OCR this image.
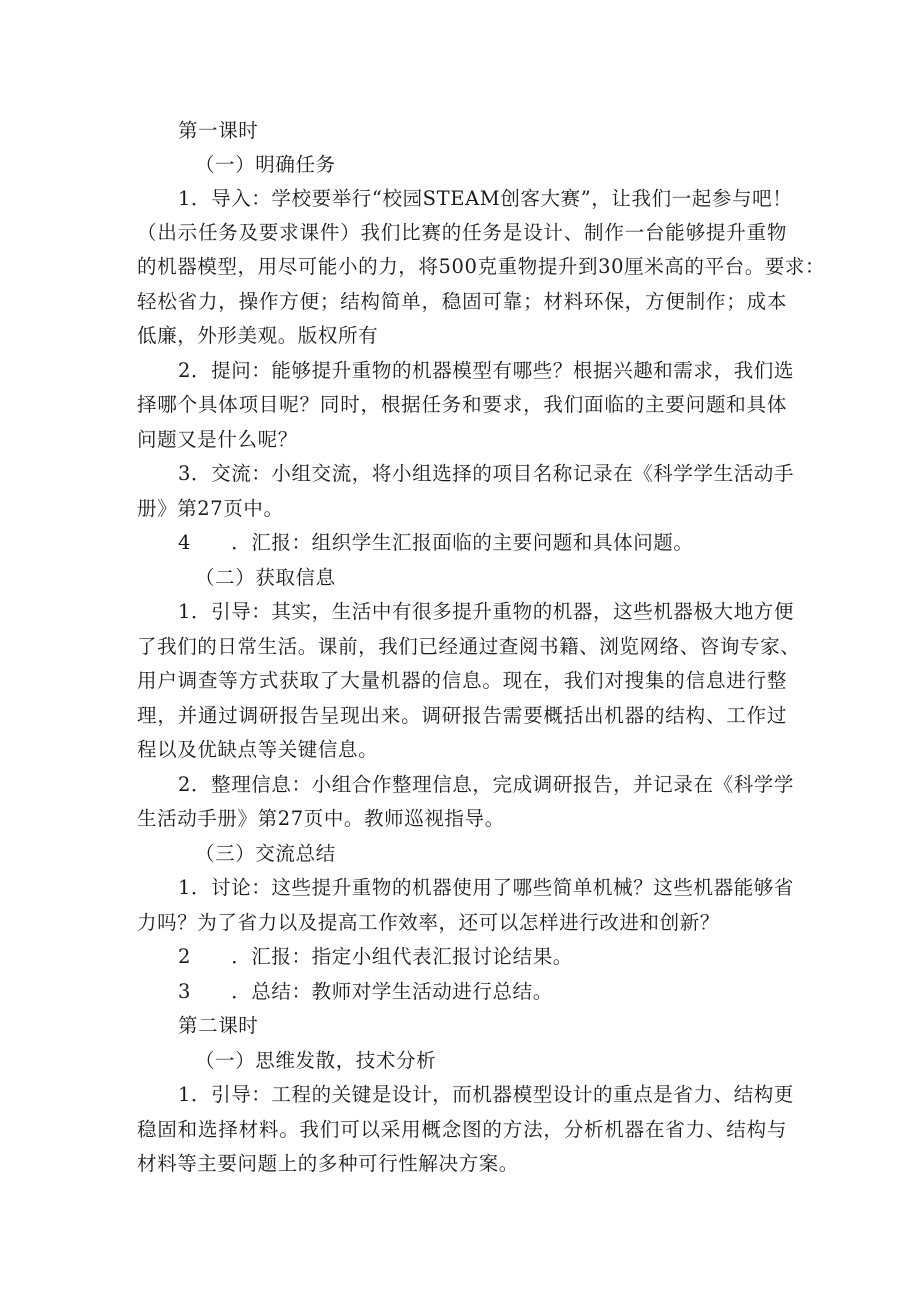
第一课时
（一）明确任务
1．导入：学校要举行“校园STEAM创客大赛”，让我们一起参与吧！
（出示任务及要求课件）我们比赛的任务是设计、制作一台能够提升重物
的机器模型，用尽可能小的力，将500克重物提升到30厘米高的平台。要求：
轻松省力，操作方便；结构简单，稳固可靠；材料环保，方便制作；成本
低廉，外形美观。版权所有
2．提问：能够提升重物的机器模型有哪些？根据兴趣和需求，我们选
择哪个具体项目呢？同时，根据任务和要求，我们面临的主要问题和具体
问题又是什么呢？
3．交流：小组交流，将小组选择的项目名称记录在《科学学生活动手
册》第27页中。
4　　．汇报：组织学生汇报面临的主要问题和具体问题。
（二）获取信息
1．引导：其实，生活中有很多提升重物的机器，这些机器极大地方便
了我们的日常生活。课前，我们已经通过查阅书籍、浏览网络、咨询专家、
用户调查等方式获取了大量机器的信息。现在，我们对搜集的信息进行整
理，并通过调研报告呈现出来。调研报告需要概括出机器的结构、工作过
程以及优缺点等关键信息。
2．整理信息：小组合作整理信息，完成调研报告，并记录在《科学学
生活动手册》第27页中。教师巡视指导。
（三）交流总结
1．讨论：这些提升重物的机器使用了哪些简单机械？这些机器能够省
力吗？为了省力以及提高工作效率，还可以怎样进行改进和创新？
2　　．汇报：指定小组代表汇报讨论结果。
3　　．总结：教师对学生活动进行总结。
第二课时
（一）思维发散，技术分析
1．引导：工程的关键是设计，而机器模型设计的重点是省力、结构更
稳固和选择材料。我们可以采用概念图的方法，分析机器在省力、结构与
材料等主要问题上的多种可行性解决方案。
